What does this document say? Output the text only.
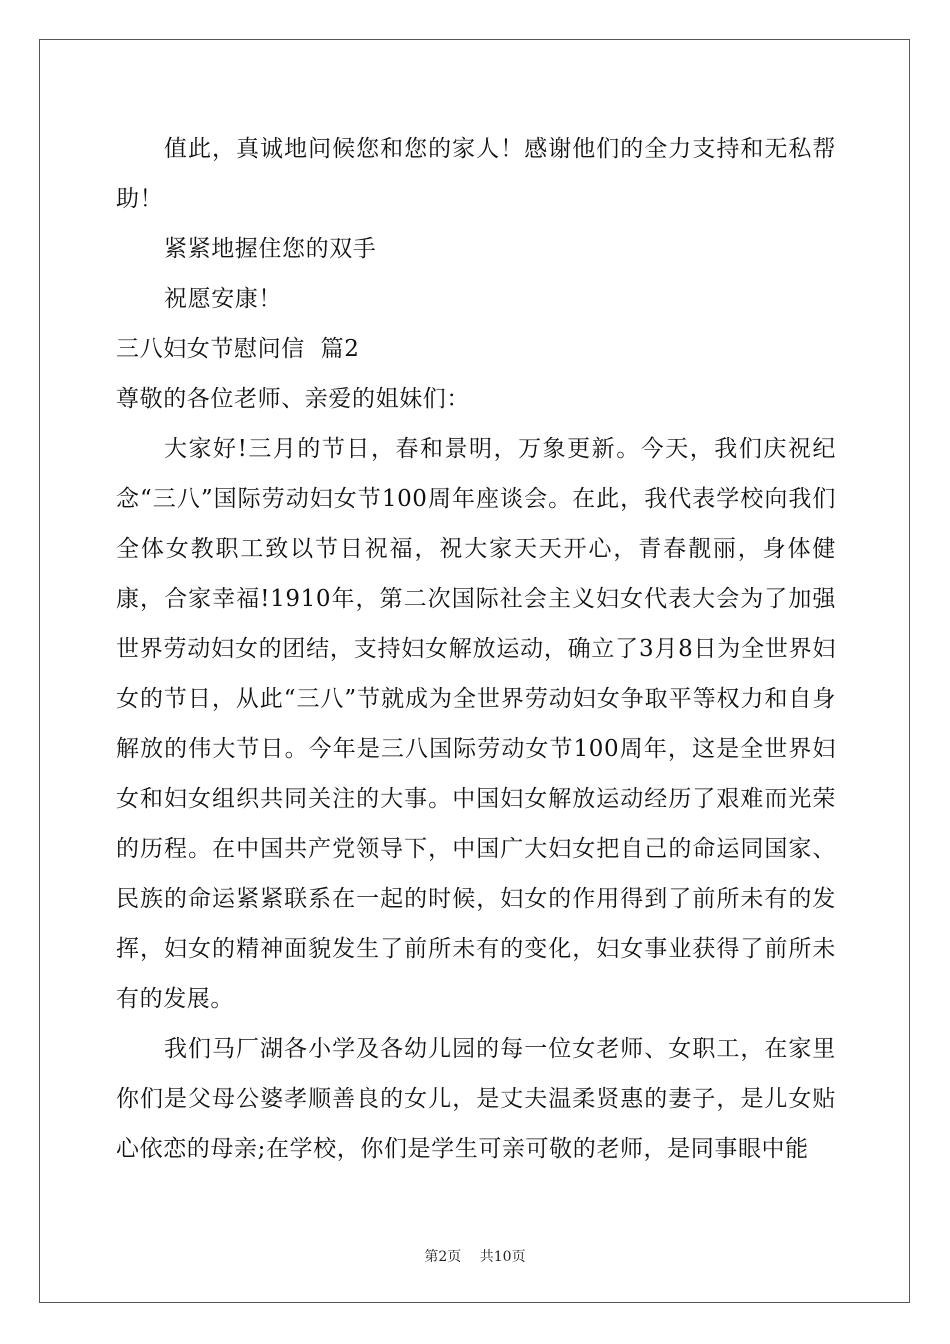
值此，真诚地问候您和您的家人！感谢他们的全力支持和无私帮助！

紧紧地握住您的双手

祝愿安康！

三八妇女节慰问信  篇2

尊敬的各位老师、亲爱的姐妹们：

大家好!三月的节日，春和景明，万象更新。今天，我们庆祝纪念“三八”国际劳动妇女节100周年座谈会。在此，我代表学校向我们全体女教职工致以节日祝福，祝大家天天开心，青春靓丽，身体健康，合家幸福!1910年，第二次国际社会主义妇女代表大会为了加强世界劳动妇女的团结，支持妇女解放运动，确立了3月8日为全世界妇女的节日，从此“三八”节就成为全世界劳动妇女争取平等权力和自身解放的伟大节日。今年是三八国际劳动女节100周年，这是全世界妇女和妇女组织共同关注的大事。中国妇女解放运动经历了艰难而光荣的历程。在中国共产党领导下，中国广大妇女把自己的命运同国家、民族的命运紧紧联系在一起的时候，妇女的作用得到了前所未有的发挥，妇女的精神面貌发生了前所未有的变化，妇女事业获得了前所未有的发展。

我们马厂湖各小学及各幼儿园的每一位女老师、女职工，在家里你们是父母公婆孝顺善良的女儿，是丈夫温柔贤惠的妻子，是儿女贴心依恋的母亲;在学校，你们是学生可亲可敬的老师，是同事眼中能

第2页 共10页
